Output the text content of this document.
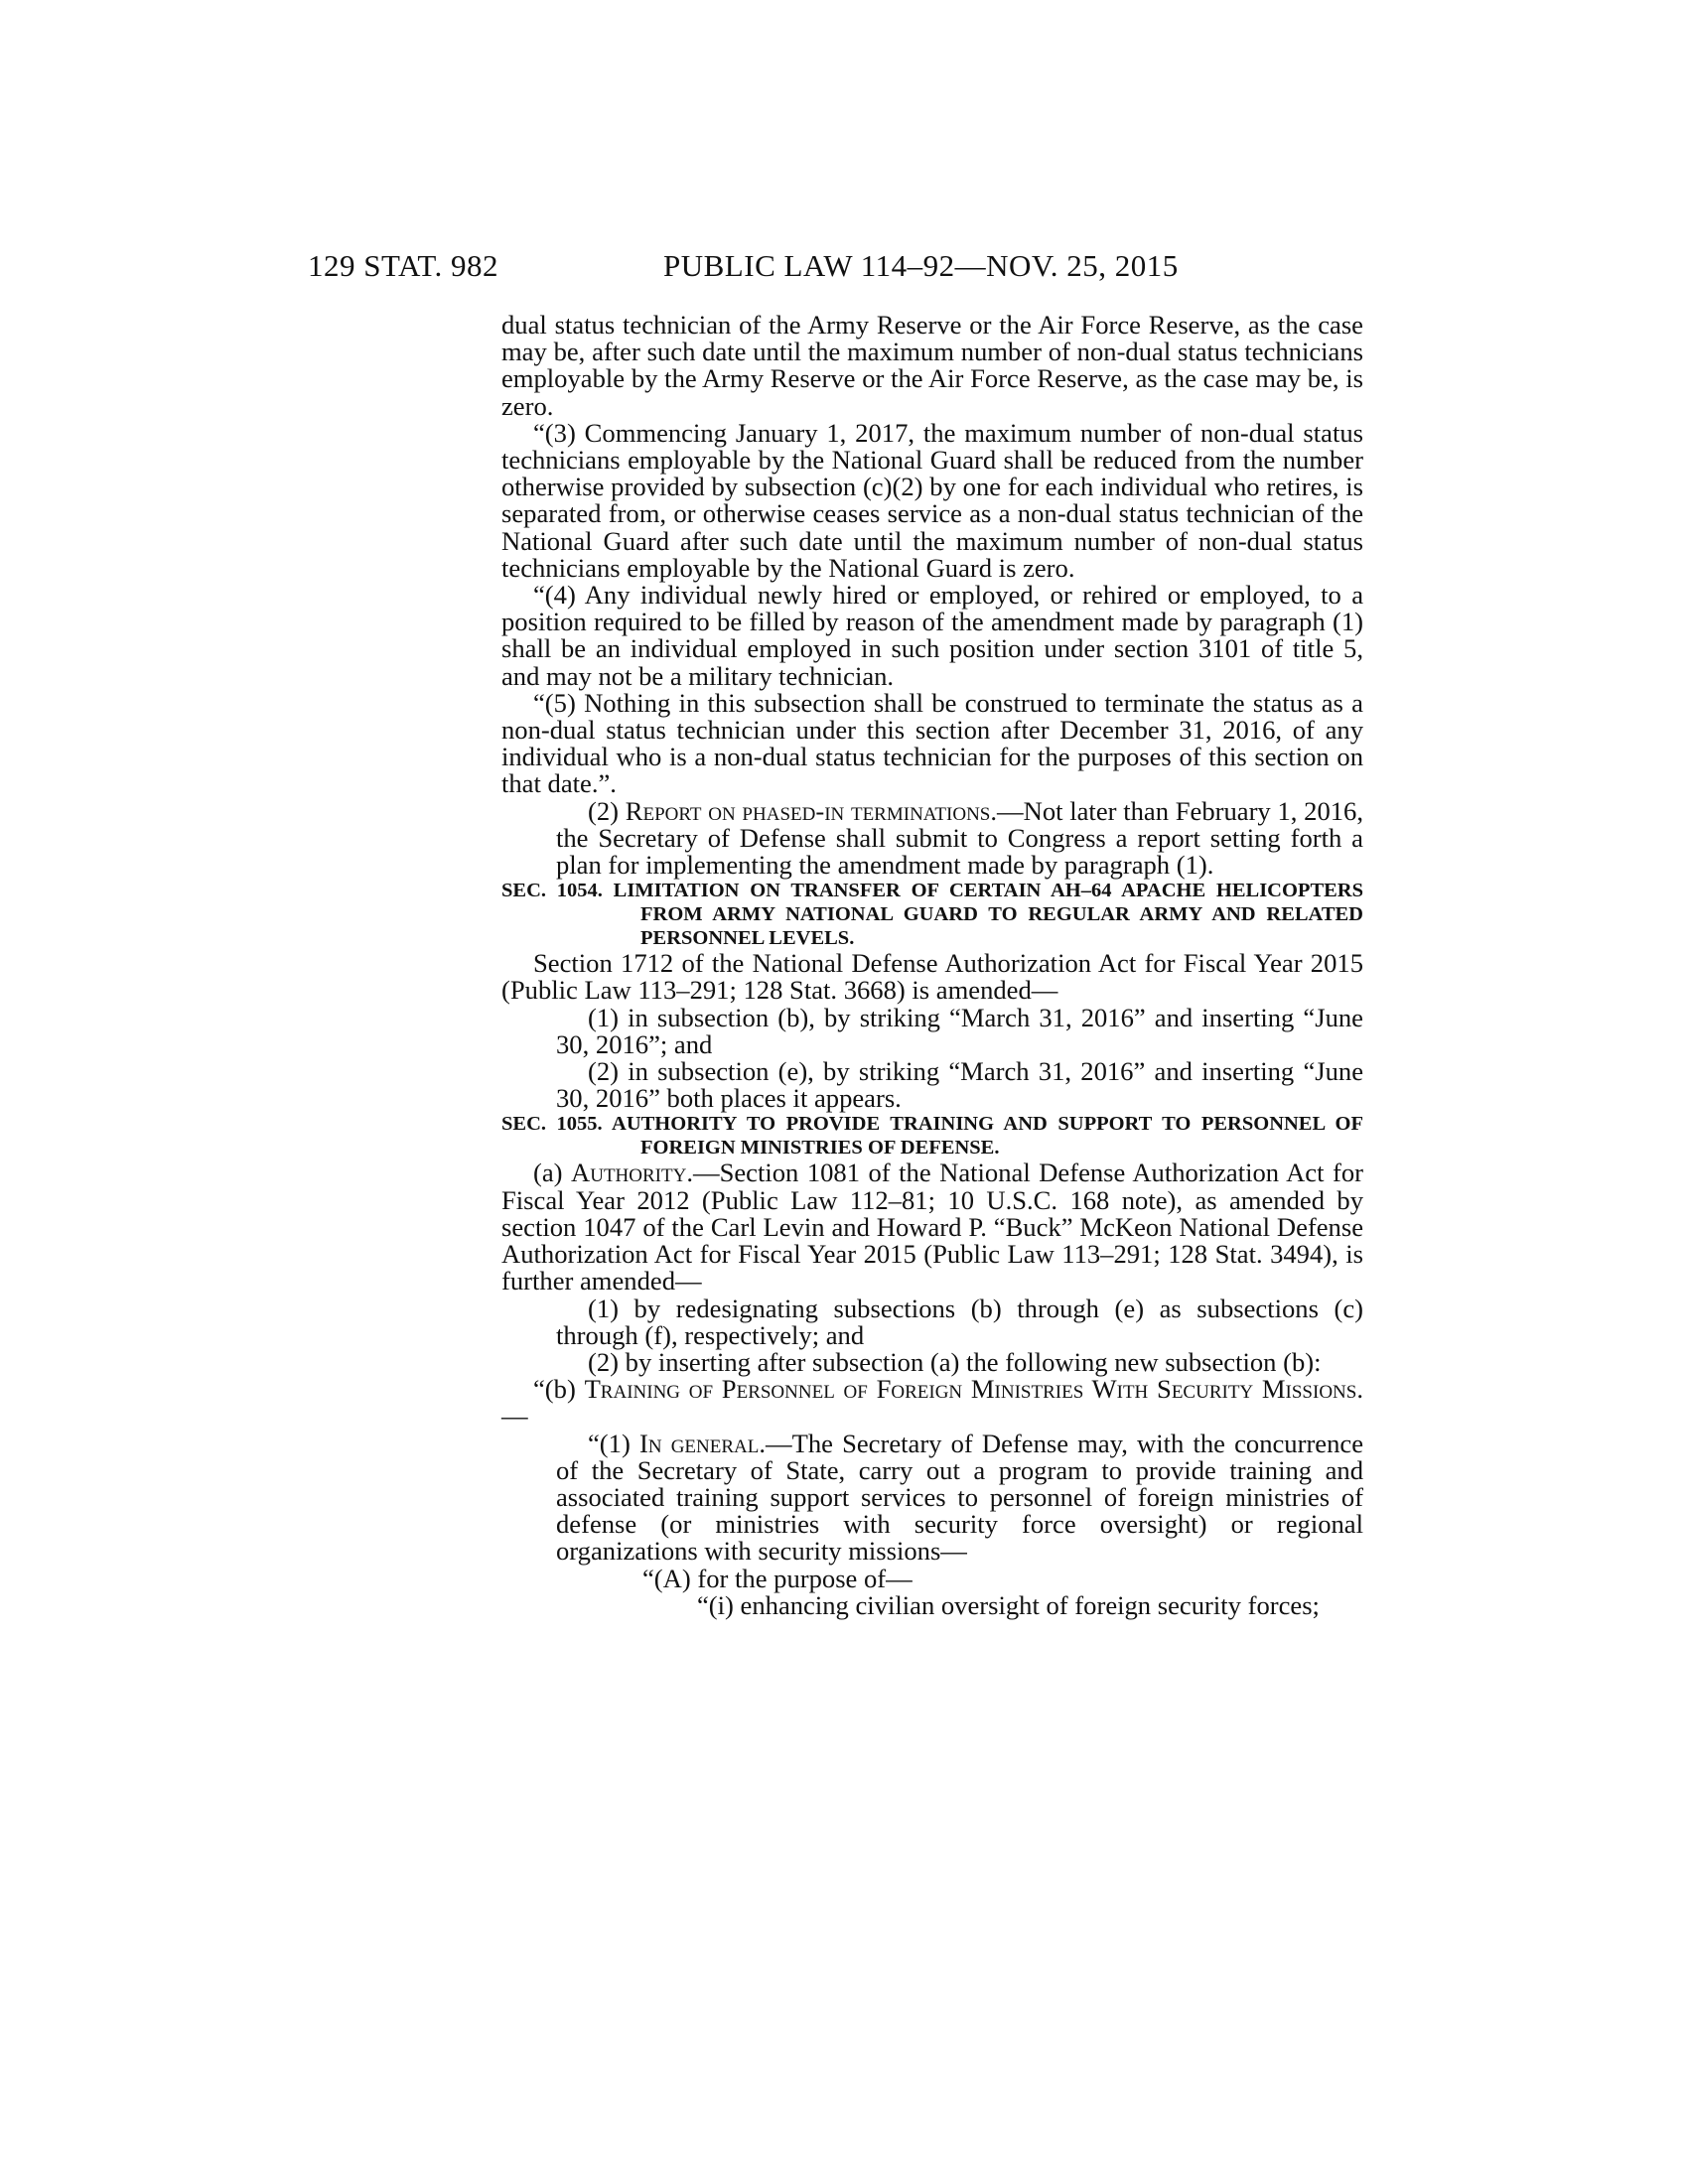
129 STAT. 982	PUBLIC LAW 114–92—NOV. 25, 2015

dual status technician of the Army Reserve or the Air Force Reserve, as the case may be, after such date until the maximum number of non-dual status technicians employable by the Army Reserve or the Air Force Reserve, as the case may be, is zero.

“(3) Commencing January 1, 2017, the maximum number of non-dual status technicians employable by the National Guard shall be reduced from the number otherwise provided by subsection (c)(2) by one for each individual who retires, is separated from, or otherwise ceases service as a non-dual status technician of the National Guard after such date until the maximum number of non-dual status technicians employable by the National Guard is zero.

“(4) Any individual newly hired or employed, or rehired or employed, to a position required to be filled by reason of the amendment made by paragraph (1) shall be an individual employed in such position under section 3101 of title 5, and may not be a military technician.

“(5) Nothing in this subsection shall be construed to terminate the status as a non-dual status technician under this section after December 31, 2016, of any individual who is a non-dual status technician for the purposes of this section on that date.”.

(2) Report on phased-in terminations.—Not later than February 1, 2016, the Secretary of Defense shall submit to Congress a report setting forth a plan for implementing the amendment made by paragraph (1).

SEC. 1054. LIMITATION ON TRANSFER OF CERTAIN AH–64 APACHE HELICOPTERS FROM ARMY NATIONAL GUARD TO REGULAR ARMY AND RELATED PERSONNEL LEVELS.

Section 1712 of the National Defense Authorization Act for Fiscal Year 2015 (Public Law 113–291; 128 Stat. 3668) is amended—

(1) in subsection (b), by striking “March 31, 2016” and inserting “June 30, 2016”; and

(2) in subsection (e), by striking “March 31, 2016” and inserting “June 30, 2016” both places it appears.

SEC. 1055. AUTHORITY TO PROVIDE TRAINING AND SUPPORT TO PERSONNEL OF FOREIGN MINISTRIES OF DEFENSE.

(a) Authority.—Section 1081 of the National Defense Authorization Act for Fiscal Year 2012 (Public Law 112–81; 10 U.S.C. 168 note), as amended by section 1047 of the Carl Levin and Howard P. “Buck” McKeon National Defense Authorization Act for Fiscal Year 2015 (Public Law 113–291; 128 Stat. 3494), is further amended—

(1) by redesignating subsections (b) through (e) as subsections (c) through (f), respectively; and

(2) by inserting after subsection (a) the following new subsection (b):

“(b) Training of Personnel of Foreign Ministries With Security Missions.—

“(1) In general.—The Secretary of Defense may, with the concurrence of the Secretary of State, carry out a program to provide training and associated training support services to personnel of foreign ministries of defense (or ministries with security force oversight) or regional organizations with security missions—

“(A) for the purpose of—

“(i) enhancing civilian oversight of foreign security forces;
